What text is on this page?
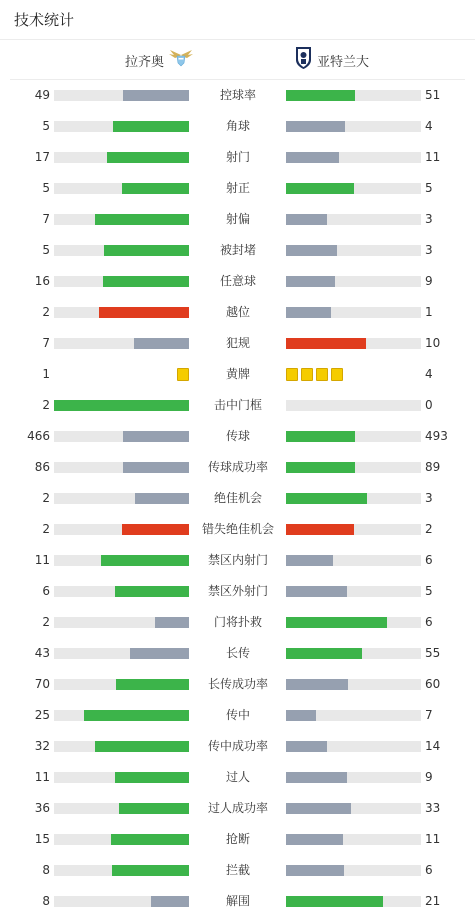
技术统计
拉齐奥	亚特兰大
49	控球率	51
5	角球	4
17	射门	11
5	射正	5
7	射偏	3
5	被封堵	3
16	任意球	9
2	越位	1
7	犯规	10
1	黄牌	4
2	击中门框	0
466	传球	493
86	传球成功率	89
2	绝佳机会	3
2	错失绝佳机会	2
11	禁区内射门	6
6	禁区外射门	5
2	门将扑救	6
43	长传	55
70	长传成功率	60
25	传中	7
32	传中成功率	14
11	过人	9
36	过人成功率	33
15	抢断	11
8	拦截	6
8	解围	21
